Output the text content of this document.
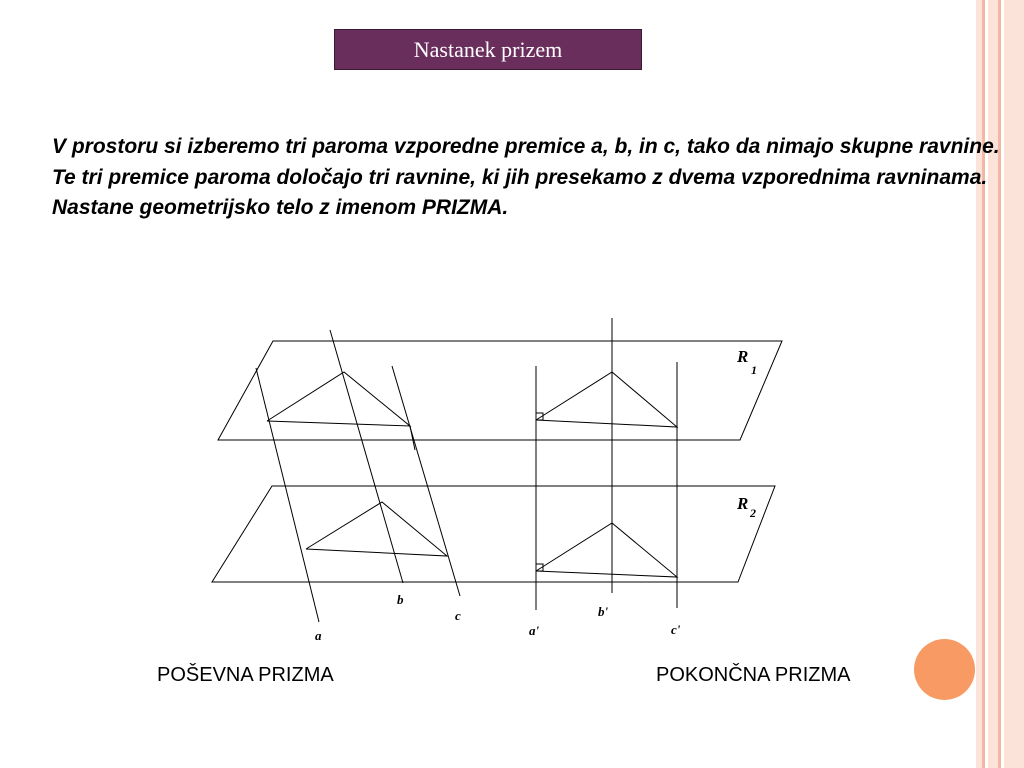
Nastanek prizem

V prostoru si izberemo tri paroma vzporedne premice a, b, in c, tako da nimajo skupne ravnine.

Te tri premice paroma določajo tri ravnine, ki jih presekamo z dvema vzporednima ravninama.

Nastane geometrijsko telo z imenom PRIZMA.

R
1
R 2
a
b
c
a'
b'
c'
POŠEVNA PRIZMA	POKONČNA PRIZMA
